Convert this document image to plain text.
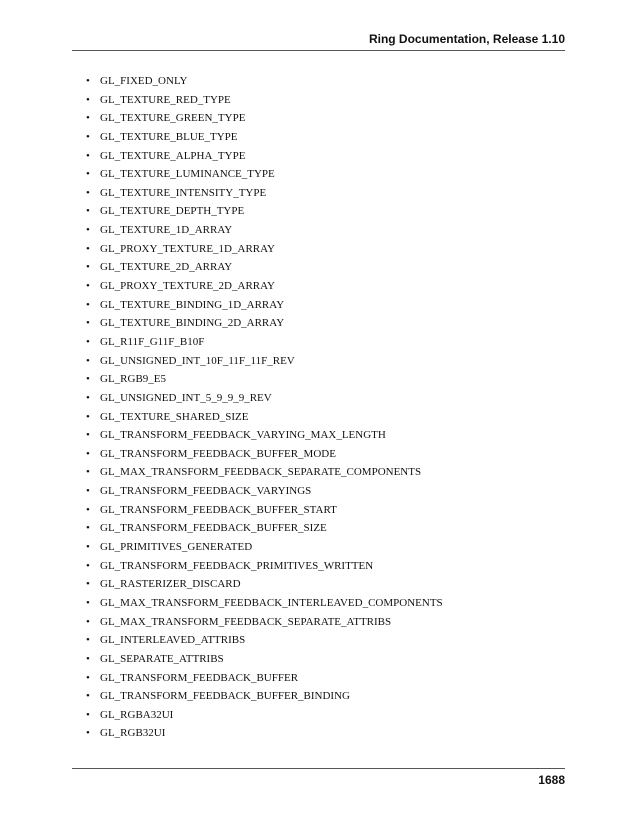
Ring Documentation, Release 1.10
• GL_FIXED_ONLY
• GL_TEXTURE_RED_TYPE
• GL_TEXTURE_GREEN_TYPE
• GL_TEXTURE_BLUE_TYPE
• GL_TEXTURE_ALPHA_TYPE
• GL_TEXTURE_LUMINANCE_TYPE
• GL_TEXTURE_INTENSITY_TYPE
• GL_TEXTURE_DEPTH_TYPE
• GL_TEXTURE_1D_ARRAY
• GL_PROXY_TEXTURE_1D_ARRAY
• GL_TEXTURE_2D_ARRAY
• GL_PROXY_TEXTURE_2D_ARRAY
• GL_TEXTURE_BINDING_1D_ARRAY
• GL_TEXTURE_BINDING_2D_ARRAY
• GL_R11F_G11F_B10F
• GL_UNSIGNED_INT_10F_11F_11F_REV
• GL_RGB9_E5
• GL_UNSIGNED_INT_5_9_9_9_REV
• GL_TEXTURE_SHARED_SIZE
• GL_TRANSFORM_FEEDBACK_VARYING_MAX_LENGTH
• GL_TRANSFORM_FEEDBACK_BUFFER_MODE
• GL_MAX_TRANSFORM_FEEDBACK_SEPARATE_COMPONENTS
• GL_TRANSFORM_FEEDBACK_VARYINGS
• GL_TRANSFORM_FEEDBACK_BUFFER_START
• GL_TRANSFORM_FEEDBACK_BUFFER_SIZE
• GL_PRIMITIVES_GENERATED
• GL_TRANSFORM_FEEDBACK_PRIMITIVES_WRITTEN
• GL_RASTERIZER_DISCARD
• GL_MAX_TRANSFORM_FEEDBACK_INTERLEAVED_COMPONENTS
• GL_MAX_TRANSFORM_FEEDBACK_SEPARATE_ATTRIBS
• GL_INTERLEAVED_ATTRIBS
• GL_SEPARATE_ATTRIBS
• GL_TRANSFORM_FEEDBACK_BUFFER
• GL_TRANSFORM_FEEDBACK_BUFFER_BINDING
• GL_RGBA32UI
• GL_RGB32UI
1688
